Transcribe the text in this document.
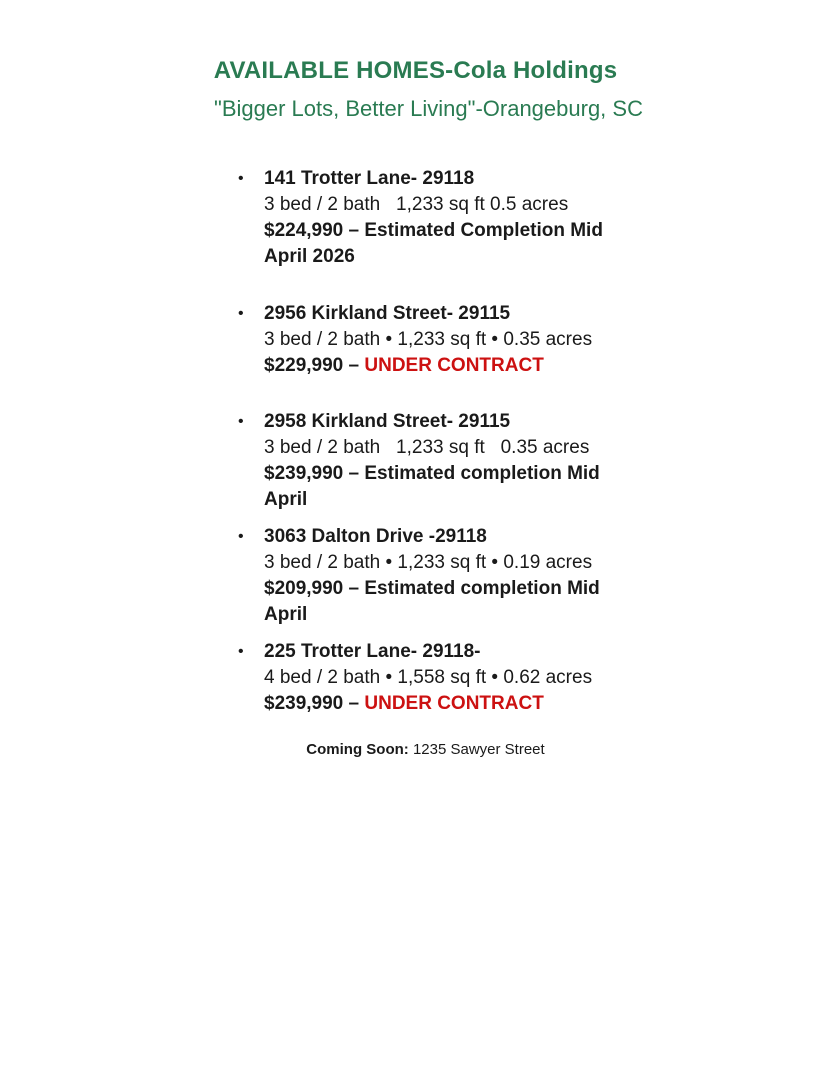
AVAILABLE HOMES-Cola Holdings
"Bigger Lots, Better Living"-Orangeburg, SC
•	141 Trotter Lane- 29118
3 bed / 2 bath   1,233 sq ft 0.5 acres
$224,990 – Estimated Completion Mid April 2026
•	2956 Kirkland Street- 29115
3 bed / 2 bath • 1,233 sq ft • 0.35 acres
$229,990 – UNDER CONTRACT
•	2958 Kirkland Street- 29115
3 bed / 2 bath   1,233 sq ft   0.35 acres
$239,990 – Estimated completion Mid April
•	3063 Dalton Drive -29118
3 bed / 2 bath • 1,233 sq ft • 0.19 acres
$209,990 – Estimated completion Mid April
•	225 Trotter Lane- 29118-
4 bed / 2 bath • 1,558 sq ft • 0.62 acres
$239,990 – UNDER CONTRACT
Coming Soon: 1235 Sawyer Street
